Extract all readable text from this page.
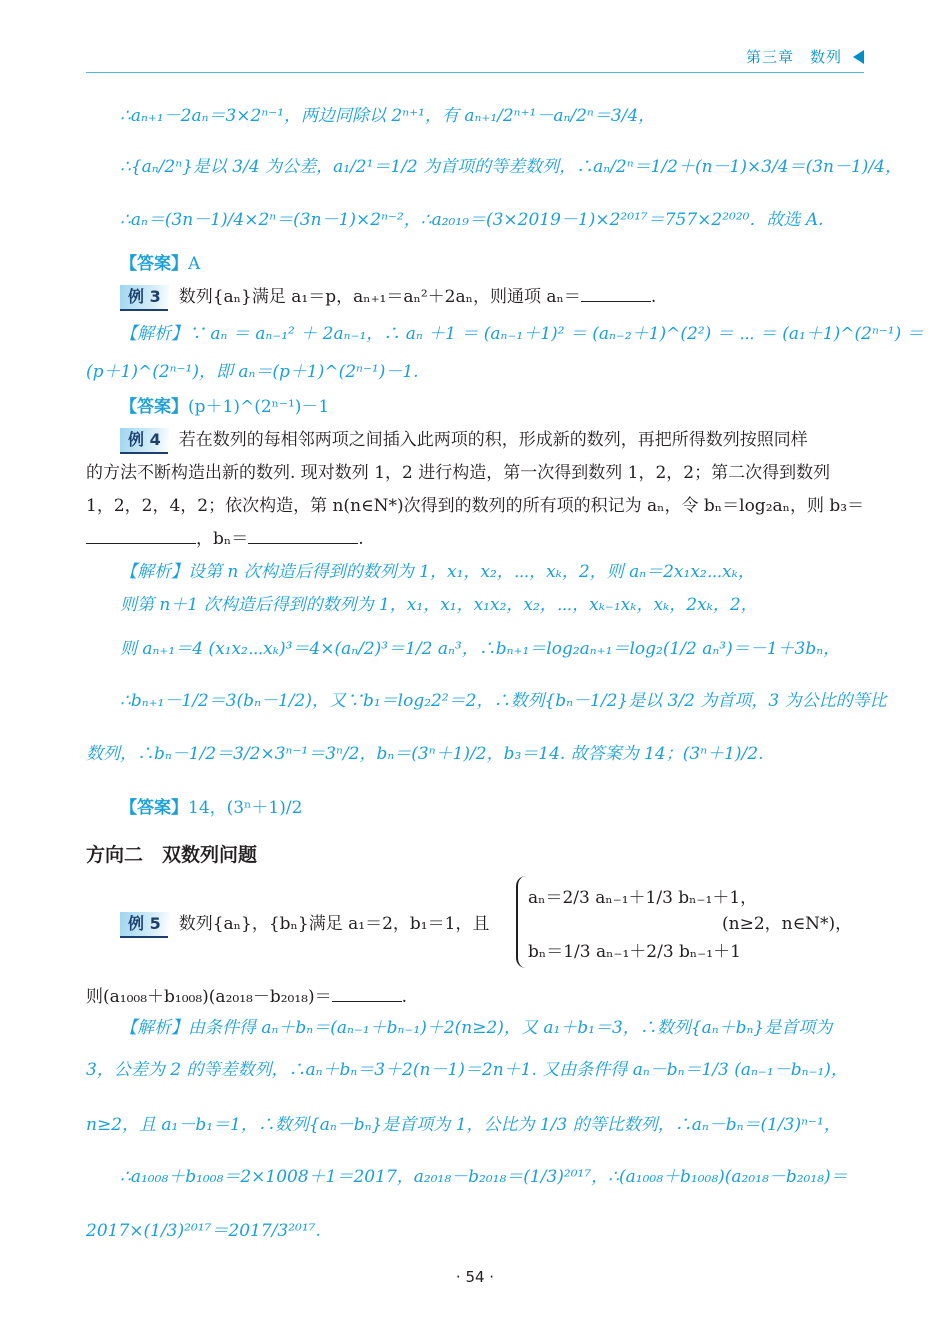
第三章　数列
∴aₙ₊₁－2aₙ＝3×2ⁿ⁻¹，两边同除以 2ⁿ⁺¹，有 aₙ₊₁/2ⁿ⁺¹－aₙ/2ⁿ＝3/4，
∴{aₙ/2ⁿ}是以 3/4 为公差，a₁/2¹＝1/2 为首项的等差数列，∴aₙ/2ⁿ＝1/2＋(n－1)×3/4＝(3n－1)/4，
∴aₙ＝(3n－1)/4×2ⁿ＝(3n－1)×2ⁿ⁻²，∴a₂₀₁₉＝(3×2019－1)×2²⁰¹⁷＝757×2²⁰²⁰．故选 A.
【答案】A
例 3 数列{aₙ}满足 a₁＝p，aₙ₊₁＝aₙ²＋2aₙ，则通项 aₙ＝	.
【解析】∵ aₙ ＝ aₙ₋₁² ＋ 2aₙ₋₁，∴ aₙ ＋1 ＝ (aₙ₋₁＋1)² ＝ (aₙ₋₂＋1)^(2²) ＝ ⋯ ＝ (a₁＋1)^(2ⁿ⁻¹) ＝
(p＋1)^(2ⁿ⁻¹)，即 aₙ＝(p＋1)^(2ⁿ⁻¹)－1.
【答案】(p＋1)^(2ⁿ⁻¹)－1
例 4 若在数列的每相邻两项之间插入此两项的积，形成新的数列，再把所得数列按照同样
的方法不断构造出新的数列. 现对数列 1，2 进行构造，第一次得到数列 1，2，2；第二次得到数列
1，2，2，4，2；依次构造，第 n(n∈N*)次得到的数列的所有项的积记为 aₙ，令 bₙ＝log₂aₙ，则 b₃＝
，bₙ＝	.
【解析】设第 n 次构造后得到的数列为 1，x₁，x₂，⋯，xₖ，2，则 aₙ＝2x₁x₂⋯xₖ，
则第 n＋1 次构造后得到的数列为 1，x₁，x₁，x₁x₂，x₂，⋯，xₖ₋₁xₖ，xₖ，2xₖ，2，
则 aₙ₊₁＝4 (x₁x₂⋯xₖ)³＝4×(aₙ/2)³＝1/2 aₙ³，∴bₙ₊₁＝log₂aₙ₊₁＝log₂(1/2 aₙ³)＝－1＋3bₙ，
∴bₙ₊₁－1/2＝3(bₙ－1/2)，又∵b₁＝log₂2²＝2，∴数列{bₙ－1/2}是以 3/2 为首项，3 为公比的等比
数列，∴bₙ－1/2＝3/2×3ⁿ⁻¹＝3ⁿ/2，bₙ＝(3ⁿ＋1)/2，b₃＝14. 故答案为 14；(3ⁿ＋1)/2.
【答案】14，(3ⁿ＋1)/2
方向二　双数列问题
例 5 数列{aₙ}，{bₙ}满足 a₁＝2，b₁＝1，且
aₙ＝2/3 aₙ₋₁＋1/3 bₙ₋₁＋1，
bₙ＝1/3 aₙ₋₁＋2/3 bₙ₋₁＋1
(n≥2，n∈N*)，
则(a₁₀₀₈＋b₁₀₀₈)(a₂₀₁₈－b₂₀₁₈)＝	.
【解析】由条件得 aₙ＋bₙ＝(aₙ₋₁＋bₙ₋₁)＋2(n≥2)，又 a₁＋b₁＝3，∴数列{aₙ＋bₙ}是首项为
3，公差为 2 的等差数列，∴aₙ＋bₙ＝3＋2(n－1)＝2n＋1. 又由条件得 aₙ－bₙ＝1/3 (aₙ₋₁－bₙ₋₁)，
n≥2，且 a₁－b₁＝1，∴数列{aₙ－bₙ}是首项为 1，公比为 1/3 的等比数列，∴aₙ－bₙ＝(1/3)ⁿ⁻¹，
∴a₁₀₀₈＋b₁₀₀₈＝2×1008＋1＝2017，a₂₀₁₈－b₂₀₁₈＝(1/3)²⁰¹⁷，∴(a₁₀₀₈＋b₁₀₀₈)(a₂₀₁₈－b₂₀₁₈)＝
2017×(1/3)²⁰¹⁷＝2017/3²⁰¹⁷.
· 54 ·
